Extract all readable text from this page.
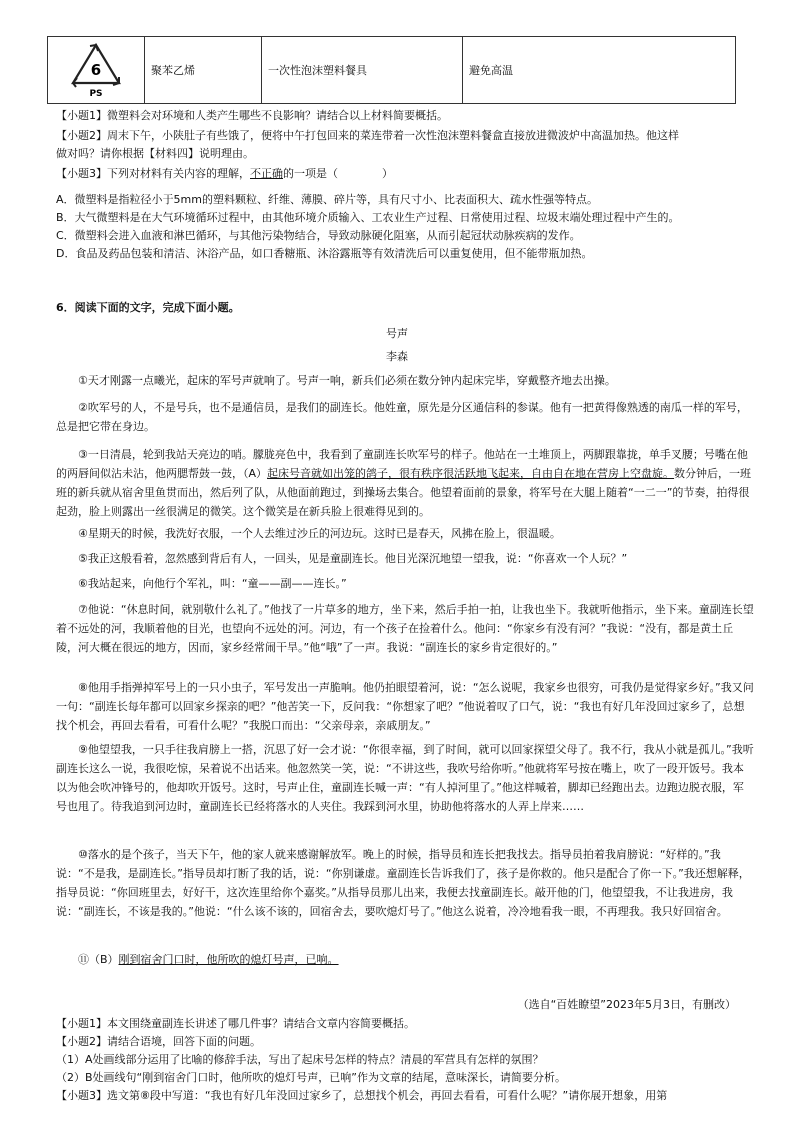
6
PS
	聚苯乙烯	一次性泡沫塑料餐具	避免高温
【小题1】微塑料会对环境和人类产生哪些不良影响？请结合以上材料简要概括。
【小题2】周末下午，小陕肚子有些饿了，便将中午打包回来的菜连带着一次性泡沫塑料餐盒直接放进微波炉中高温加热。他这样
做对吗？请你根据【材料四】说明理由。
【小题3】下列对材料有关内容的理解，不正确的一项是（　　　　）
A．微塑料是指粒径小于5mm的塑料颗粒、纤维、薄膜、碎片等，具有尺寸小、比表面积大、疏水性强等特点。
B．大气微塑料是在大气环境循环过程中，由其他环境介质输入、工农业生产过程、日常使用过程、垃圾末端处理过程中产生的。
C．微塑料会进入血液和淋巴循环，与其他污染物结合，导致动脉硬化阻塞，从而引起冠状动脉疾病的发作。
D．食品及药品包装和清洁、沐浴产品，如口香糖瓶、沐浴露瓶等有效清洗后可以重复使用，但不能带瓶加热。
6．阅读下面的文字，完成下面小题。
号声
李森
①天才刚露一点曦光，起床的军号声就响了。号声一响，新兵们必须在数分钟内起床完毕，穿戴整齐地去出操。
②吹军号的人，不是号兵，也不是通信员，是我们的副连长。他姓童，原先是分区通信科的参谋。他有一把黄得像熟透的南瓜一样的军号，总是把它带在身边。
③一日清晨，轮到我站天亮边的哨。朦胧亮色中，我看到了童副连长吹军号的样子。他站在一土堆顶上，两脚跟靠拢，单手叉腰；号嘴在他的两唇间似沾未沾，他两腮帮鼓一鼓，（A）起床号音就如出笼的鸽子，很有秩序很活跃地飞起来，自由自在地在营房上空盘旋。数分钟后，一班班的新兵就从宿舍里鱼贯而出，然后列了队，从他面前跑过，到操场去集合。他望着面前的景象，将军号在大腿上随着“一二一”的节奏，拍得很起劲，脸上则露出一丝很满足的微笑。这个微笑是在新兵脸上很难得见到的。
④星期天的时候，我洗好衣服，一个人去维过沙丘的河边玩。这时已是春天，风拂在脸上，很温暖。
⑤我正这般看着，忽然感到背后有人，一回头，见是童副连长。他目光深沉地望一望我，说：“你喜欢一个人玩？”
⑥我站起来，向他行个军礼，叫：“童——副——连长。”
⑦他说：“休息时间，就别敬什么礼了。”他找了一片草多的地方，坐下来，然后手拍一拍，让我也坐下。我就听他指示，坐下来。童副连长望着不远处的河，我顺着他的目光，也望向不远处的河。河边，有一个孩子在捡着什么。他问：“你家乡有没有河？”我说：“没有，都是黄土丘陵，河大概在很远的地方，因而，家乡经常闹干旱。”他“哦”了一声。我说：“副连长的家乡肯定很好的。”
⑧他用手指弹掉军号上的一只小虫子，军号发出一声脆响。他仍拍眼望着河，说：“怎么说呢，我家乡也很穷，可我仍是觉得家乡好。”我又问一句：“副连长每年都可以回家乡探亲的吧？”他苦笑一下，反问我：“你想家了吧？”他说着叹了口气，说：“我也有好几年没回过家乡了，总想找个机会，再回去看看，可看什么呢？”我脱口而出：“父亲母亲，亲戚朋友。”
⑨他望望我，一只手往我肩膀上一搭，沉思了好一会才说：“你很幸福，到了时间，就可以回家探望父母了。我不行，我从小就是孤儿。”我听副连长这么一说，我很吃惊，呆着说不出话来。他忽然笑一笑，说：“不讲这些，我吹号给你听。”他就将军号按在嘴上，吹了一段开饭号。我本以为他会吹冲锋号的，他却吹开饭号。这时，号声止住，童副连长喊一声：“有人掉河里了。”他这样喊着，脚却已经跑出去。边跑边脱衣服，军号也甩了。待我追到河边时，童副连长已经将落水的人夹住。我踩到河水里，协助他将落水的人弄上岸来……
⑩落水的是个孩子，当天下午，他的家人就来感谢解放军。晚上的时候，指导员和连长把我找去。指导员拍着我肩膀说：“好样的。”我说：“不是我，是副连长。”指导员却打断了我的话，说：“你别谦虚。童副连长告诉我们了，孩子是你救的。他只是配合了你一下。”我还想解释，指导员说：“你回班里去，好好干，这次连里给你个嘉奖。”从指导员那儿出来，我便去找童副连长。敲开他的门，他望望我，不让我进房，我说：“副连长，不该是我的。”他说：“什么该不该的，回宿舍去，要吹熄灯号了。”他这么说着，冷冷地看我一眼，不再理我。我只好回宿舍。
⑪（B）刚到宿舍门口时，他所吹的熄灯号声，已响。
（选自“百姓瞭望”2023年5月3日，有删改）
【小题1】本文围绕童副连长讲述了哪几件事？请结合文章内容简要概括。
【小题2】请结合语境，回答下面的问题。
（1）A处画线部分运用了比喻的修辞手法，写出了起床号怎样的特点？清晨的军营具有怎样的氛围？
（2）B处画线句“刚到宿舍门口时，他所吹的熄灯号声，已响”作为文章的结尾，意味深长，请简要分析。
【小题3】选文第⑧段中写道：“我也有好几年没回过家乡了，总想找个机会，再回去看看，可看什么呢？”请你展开想象，用第
